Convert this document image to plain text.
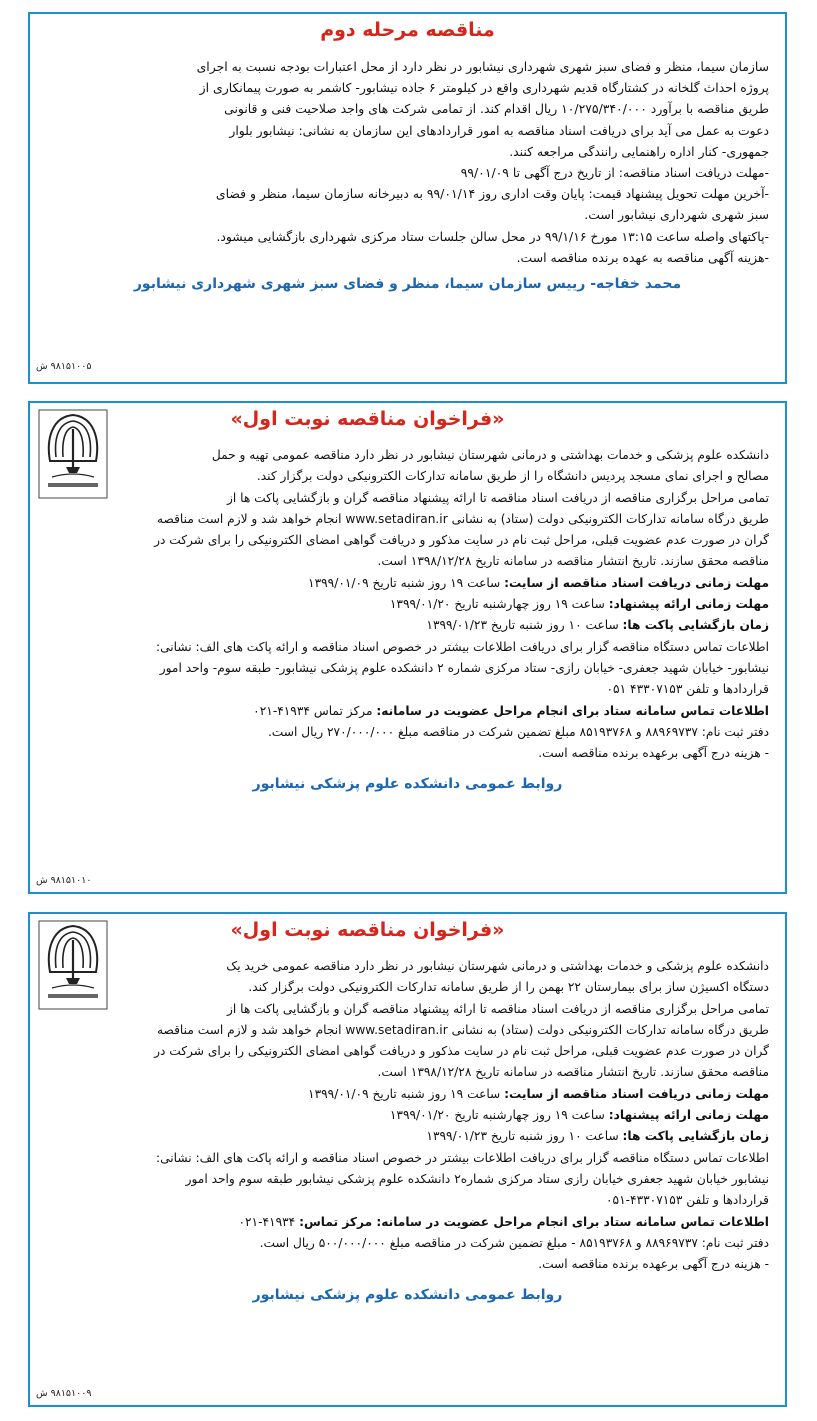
مناقصه مرحله دوم
سازمان سیما، منظر و فضای سبز شهری شهرداری نیشابور در نظر دارد از محل اعتبارات بودجه نسبت به اجرای
پروژه احداث گلخانه در کشتارگاه قدیم شهرداری واقع در کیلومتر ۶ جاده نیشابور- کاشمر به صورت پیمانکاری از
طریق مناقصه با برآورد ۱۰/۲۷۵/۳۴۰/۰۰۰ ریال اقدام کند. از تمامی شرکت های واجد صلاحیت فنی و قانونی
دعوت به عمل می آید برای دریافت اسناد مناقصه به امور قراردادهای این سازمان به نشانی: نیشابور بلوار
جمهوری- کنار اداره راهنمایی رانندگی مراجعه کنند.
-مهلت دریافت اسناد مناقصه: از تاریخ درج آگهی تا ۹۹/۰۱/۰۹
-آخرین مهلت تحویل پیشنهاد قیمت: پایان وقت اداری روز ۹۹/۰۱/۱۴ به دبیرخانه سازمان سیما، منظر و فضای
سبز شهری شهرداری نیشابور است.
-پاکتهای واصله ساعت ۱۳:۱۵ مورخ ۹۹/۱/۱۶ در محل سالن جلسات ستاد مرکزی شهرداری بازگشایی میشود.
-هزینه آگهی مناقصه به عهده برنده مناقصه است.
محمد خفاجه- رییس سازمان سیما، منظر و فضای سبز شهری شهرداری نیشابور
۹۸۱۵۱۰۰۵ ش
«فراخوان مناقصه نوبت اول»
دانشکده علوم پزشکی و خدمات بهداشتی و درمانی شهرستان نیشابور در نظر دارد مناقصه عمومی تهیه و حمل
مصالح و اجرای نمای مسجد پردیس دانشگاه را از طریق سامانه تدارکات الکترونیکی دولت برگزار کند.
تمامی مراحل برگزاری مناقصه از دریافت اسناد مناقصه تا ارائه پیشنهاد مناقصه گران و بازگشایی پاکت ها از
طریق درگاه سامانه تدارکات الکترونیکی دولت (ستاد) به نشانی www.setadiran.ir انجام خواهد شد و لازم است مناقصه
گران در صورت عدم عضویت قبلی، مراحل ثبت نام در سایت مذکور و دریافت گواهی امضای الکترونیکی را برای شرکت در
مناقصه محقق سازند. تاریخ انتشار مناقصه در سامانه تاریخ ۱۳۹۸/۱۲/۲۸ است.
مهلت زمانی دریافت اسناد مناقصه از سایت: ساعت ۱۹ روز شنبه تاریخ ۱۳۹۹/۰۱/۰۹
مهلت زمانی ارائه پیشنهاد: ساعت ۱۹ روز چهارشنبه تاریخ ۱۳۹۹/۰۱/۲۰
زمان بازگشایی پاکت ها: ساعت ۱۰ روز شنبه تاریخ ۱۳۹۹/۰۱/۲۳
اطلاعات تماس دستگاه مناقصه گزار برای دریافت اطلاعات بیشتر در خصوص اسناد مناقصه و ارائه پاکت های الف: نشانی:
نیشابور- خیابان شهید جعفری- خیابان رازی- ستاد مرکزی شماره ۲ دانشکده علوم پزشکی نیشابور- طبقه سوم- واحد امور
قراردادها و تلفن ۴۳۳۰۷۱۵۳ ۰۵۱
اطلاعات تماس سامانه ستاد برای انجام مراحل عضویت در سامانه: مرکز تماس ۴۱۹۳۴-۰۲۱
دفتر ثبت نام: ۸۸۹۶۹۷۳۷ و ۸۵۱۹۳۷۶۸ مبلغ تضمین شرکت در مناقصه مبلغ ۲۷۰/۰۰۰/۰۰۰ ریال است.
- هزینه درج آگهی برعهده برنده مناقصه است.
روابط عمومی دانشکده علوم پزشکی نیشابور
۹۸۱۵۱۰۱۰ ش
«فراخوان مناقصه نوبت اول»
دانشکده علوم پزشکی و خدمات بهداشتی و درمانی شهرستان نیشابور در نظر دارد مناقصه عمومی خرید یک
دستگاه اکسیژن ساز برای بیمارستان ۲۲ بهمن را از طریق سامانه تدارکات الکترونیکی دولت برگزار کند.
تمامی مراحل برگزاری مناقصه از دریافت اسناد مناقصه تا ارائه پیشنهاد مناقصه گران و بازگشایی پاکت ها از
طریق درگاه سامانه تدارکات الکترونیکی دولت (ستاد) به نشانی www.setadiran.ir انجام خواهد شد و لازم است مناقصه
گران در صورت عدم عضویت قبلی، مراحل ثبت نام در سایت مذکور و دریافت گواهی امضای الکترونیکی را برای شرکت در
مناقصه محقق سازند. تاریخ انتشار مناقصه در سامانه تاریخ ۱۳۹۸/۱۲/۲۸ است.
مهلت زمانی دریافت اسناد مناقصه از سایت: ساعت ۱۹ روز شنبه تاریخ ۱۳۹۹/۰۱/۰۹
مهلت زمانی ارائه پیشنهاد: ساعت ۱۹ روز چهارشنبه تاریخ ۱۳۹۹/۰۱/۲۰
زمان بازگشایی پاکت ها: ساعت ۱۰ روز شنبه تاریخ ۱۳۹۹/۰۱/۲۳
اطلاعات تماس دستگاه مناقصه گزار برای دریافت اطلاعات بیشتر در خصوص اسناد مناقصه و ارائه پاکت های الف: نشانی:
نیشابور خیابان شهید جعفری خیابان رازی ستاد مرکزی شماره۲ دانشکده علوم پزشکی نیشابور طبقه سوم واحد امور
قراردادها و تلفن ۴۳۳۰۷۱۵۳-۰۵۱
اطلاعات تماس سامانه ستاد برای انجام مراحل عضویت در سامانه: مرکز تماس: ۴۱۹۳۴-۰۲۱
دفتر ثبت نام: ۸۸۹۶۹۷۳۷ و ۸۵۱۹۳۷۶۸ - مبلغ تضمین شرکت در مناقصه مبلغ ۵۰۰/۰۰۰/۰۰۰ ریال است.
- هزینه درج آگهی برعهده برنده مناقصه است.
روابط عمومی دانشکده علوم پزشکی نیشابور
۹۸۱۵۱۰۰۹ ش
